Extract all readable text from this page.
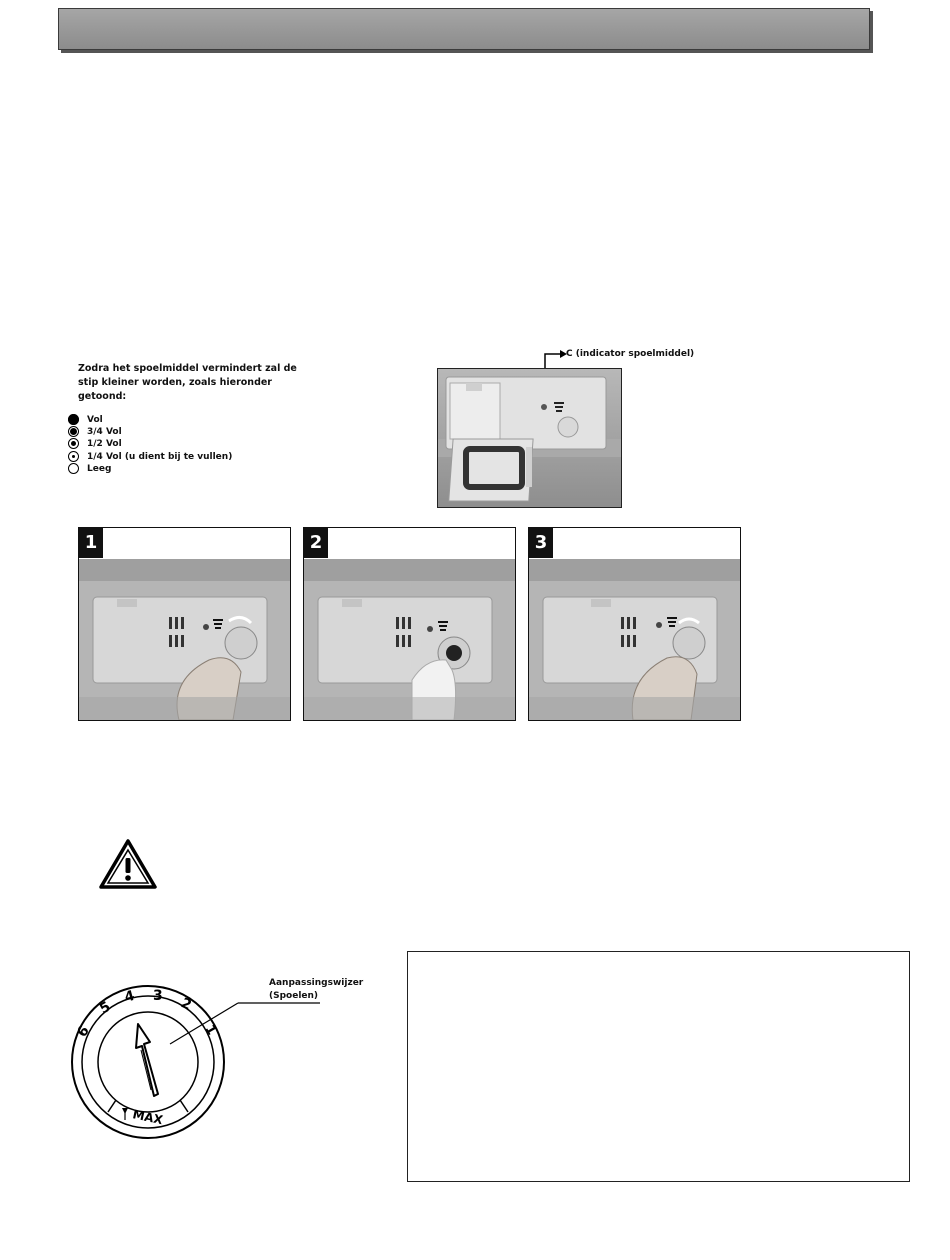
Zodra het spoelmiddel vermindert zal de stip kleiner worden, zoals hieronder getoond:
Vol
3/4 Vol
1/2 Vol
1/4 Vol (u dient bij te vullen)
Leeg
C (indicator spoelmiddel)
1	2	3
1
2
3
4
5
6
MAX
Aanpassingswijzer (Spoelen)
